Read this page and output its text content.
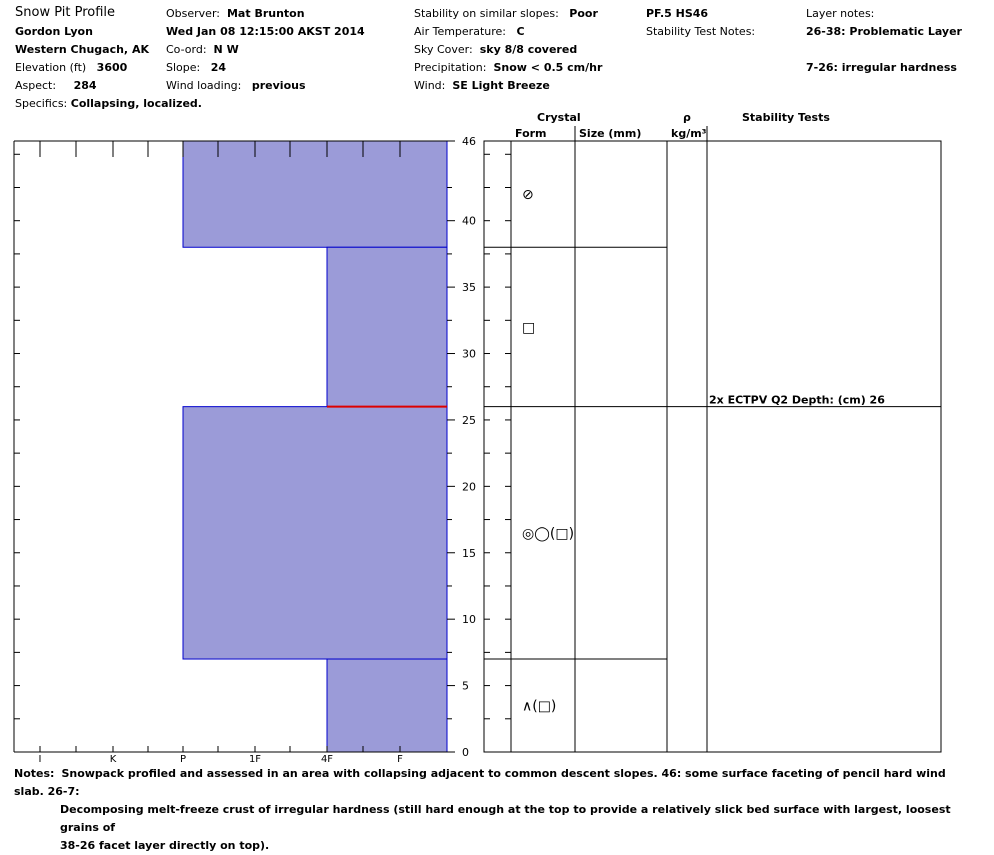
Snow Pit Profile
Gordon Lyon
Western Chugach, AK
Elevation (ft) 3600
Aspect: 284
Specifics: Collapsing, localized.
Observer: Mat Brunton
Wed Jan 08 12:15:00 AKST 2014
Co-ord: N W
Slope: 24
Wind loading: previous
Stability on similar slopes: Poor
Air Temperature: C
Sky Cover: sky 8/8 covered
Precipitation: Snow < 0.5 cm/hr
Wind: SE Light Breeze
PF.5 HS46
Stability Test Notes:
Layer notes:
26-38: Problematic Layer
7-26: irregular hardness
Crystal
Form	Size (mm)
ρ
kg/m³
Stability Tests
⊘
□
◎◯(□)
∧(□)
2x ECTPV Q2 Depth: (cm) 26
I	K	P	1F	4F	F
0
5
10
15
20
25
30
35
40
46
Notes: Snowpack profiled and assessed in an area with collapsing adjacent to common descent slopes. 46: some surface faceting of pencil hard wind slab. 26-7:
Decomposing melt-freeze crust of irregular hardness (still hard enough at the top to provide a relatively slick bed surface with largest, loosest grains of
38-26 facet layer directly on top).
